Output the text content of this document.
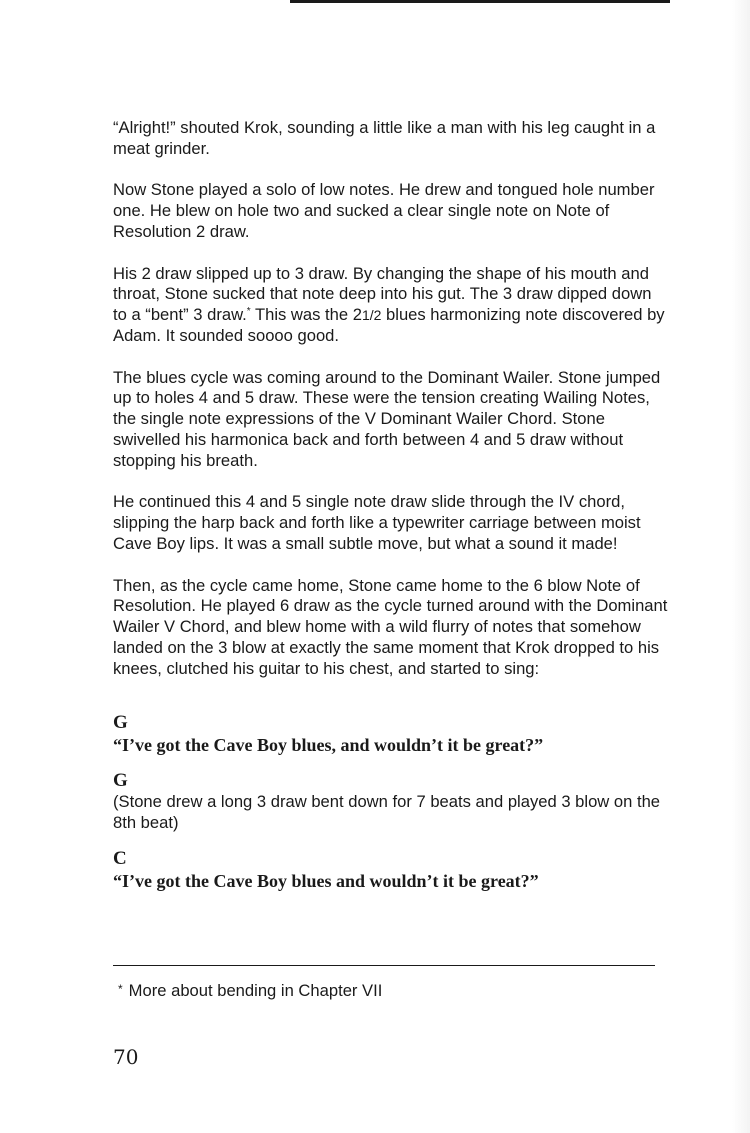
“Alright!” shouted Krok, sounding a little like a man with his leg caught in a meat grinder.

Now Stone played a solo of low notes. He drew and tongued hole number one. He blew on hole two and sucked a clear single note on Note of Resolution 2 draw.

His 2 draw slipped up to 3 draw. By changing the shape of his mouth and throat, Stone sucked that note deep into his gut. The 3 draw dipped down to a “bent” 3 draw.* This was the 21/2 blues harmonizing note discovered by Adam. It sounded soooo good.

The blues cycle was coming around to the Dominant Wailer. Stone jumped up to holes 4 and 5 draw. These were the tension creating Wailing Notes, the single note expressions of the V Dominant Wailer Chord. Stone swivelled his harmonica back and forth between 4 and 5 draw without stopping his breath.

He continued this 4 and 5 single note draw slide through the IV chord, slipping the harp back and forth like a typewriter carriage between moist Cave Boy lips. It was a small subtle move, but what a sound it made!

Then, as the cycle came home, Stone came home to the 6 blow Note of Resolution. He played 6 draw as the cycle turned around with the Dominant Wailer V Chord, and blew home with a wild flurry of notes that somehow landed on the 3 blow at exactly the same moment that Krok dropped to his knees, clutched his guitar to his chest, and started to sing:

G

“I’ve got the Cave Boy blues, and wouldn’t it be great?”

G

(Stone drew a long 3 draw bent down for 7 beats and played 3 blow on the 8th beat)

C

“I’ve got the Cave Boy blues and wouldn’t it be great?”

* More about bending in Chapter VII
70
